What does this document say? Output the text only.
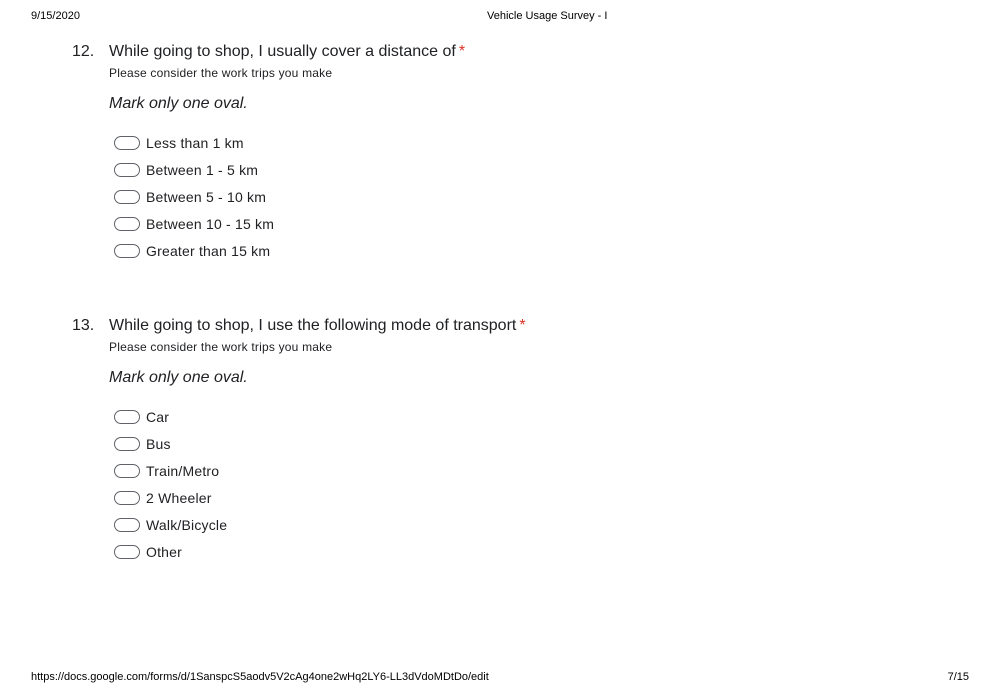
9/15/2020	Vehicle Usage Survey - I
12. While going to shop, I usually cover a distance of *
Please consider the work trips you make
Mark only one oval.
Less than 1 km
Between 1 - 5 km
Between 5 - 10 km
Between 10 - 15 km
Greater than 15 km
13. While going to shop, I use the following mode of transport *
Please consider the work trips you make
Mark only one oval.
Car
Bus
Train/Metro
2 Wheeler
Walk/Bicycle
Other
https://docs.google.com/forms/d/1SanspcS5aodv5V2cAg4one2wHq2LY6-LL3dVdoMDtDo/edit	7/15
